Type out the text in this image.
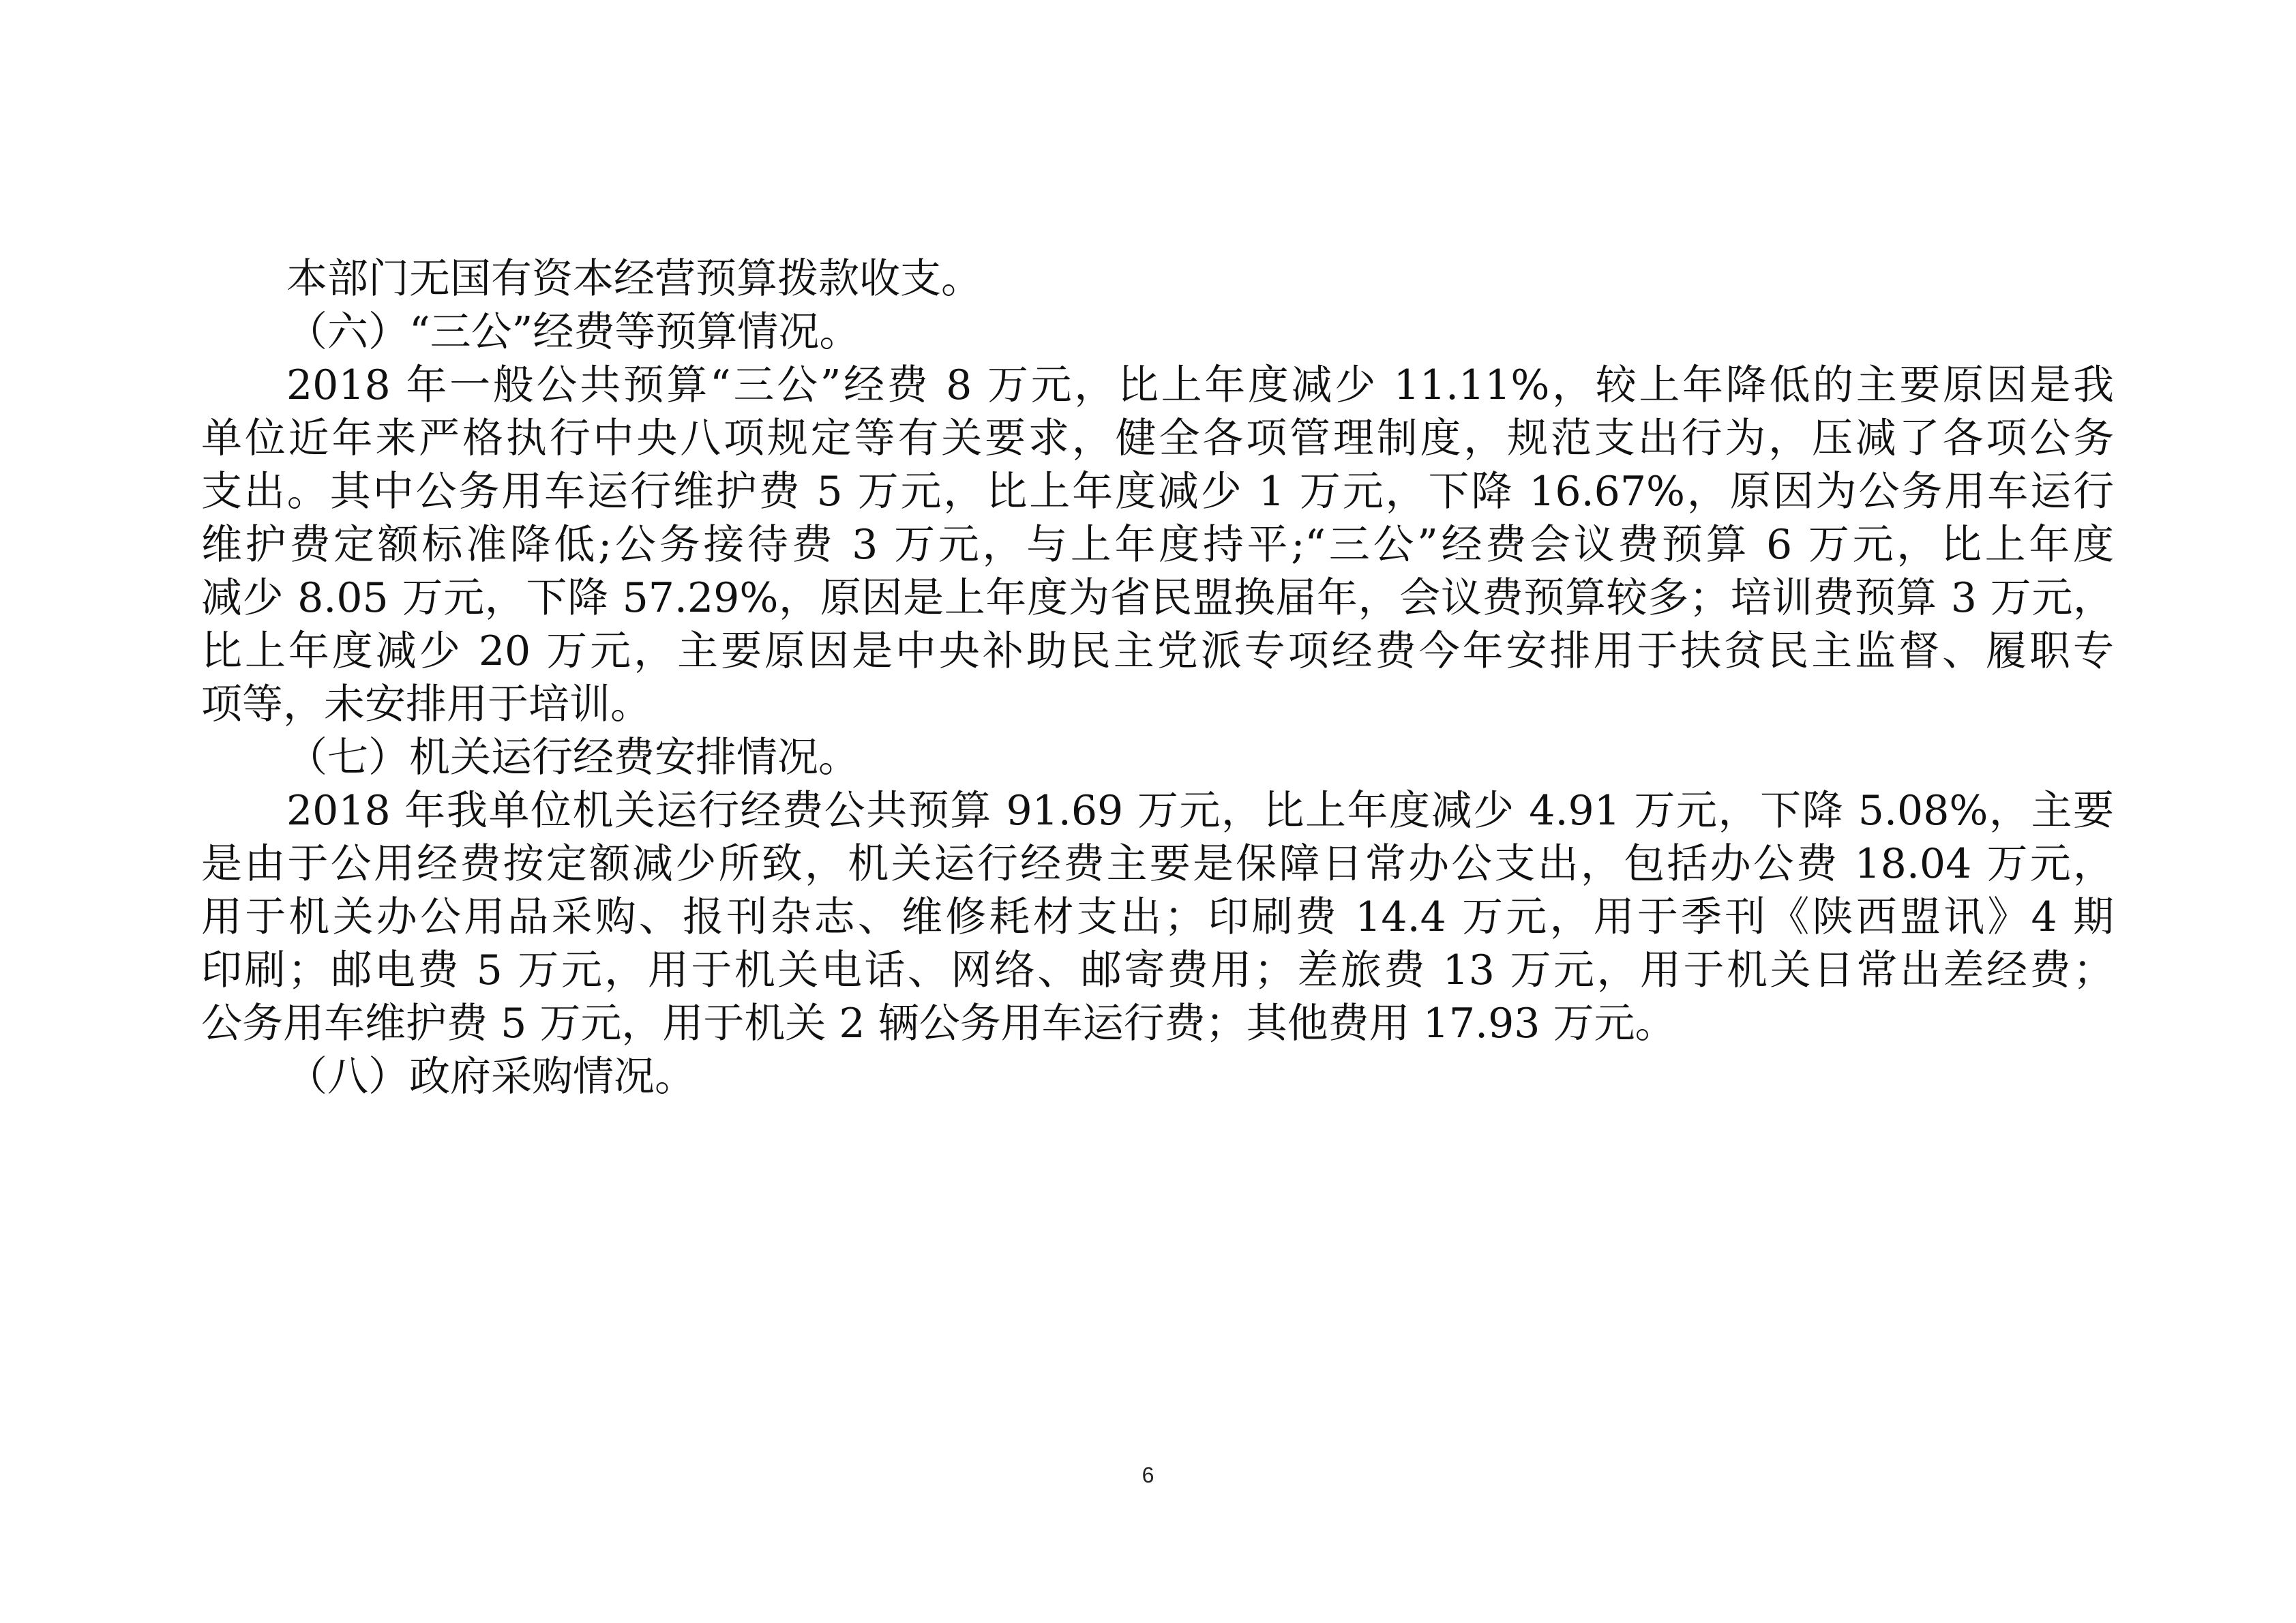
本部门无国有资本经营预算拨款收支。
（六）“三公”经费等预算情况。
2018 年一般公共预算“三公”经费 8 万元，比上年度减少 11.11%，较上年降低的主要原因是我
单位近年来严格执行中央八项规定等有关要求，健全各项管理制度，规范支出行为，压减了各项公务
支出。其中公务用车运行维护费 5 万元，比上年度减少 1 万元，下降 16.67%，原因为公务用车运行
维护费定额标准降低;公务接待费 3 万元，与上年度持平;“三公”经费会议费预算 6 万元，比上年度
减少 8.05 万元，下降 57.29%，原因是上年度为省民盟换届年，会议费预算较多；培训费预算 3 万元，
比上年度减少 20 万元，主要原因是中央补助民主党派专项经费今年安排用于扶贫民主监督、履职专
项等，未安排用于培训。
（七）机关运行经费安排情况。
2018 年我单位机关运行经费公共预算 91.69 万元，比上年度减少 4.91 万元，下降 5.08%，主要
是由于公用经费按定额减少所致，机关运行经费主要是保障日常办公支出，包括办公费 18.04 万元，
用于机关办公用品采购、报刊杂志、维修耗材支出；印刷费 14.4 万元，用于季刊《陕西盟讯》4 期
印刷；邮电费 5 万元，用于机关电话、网络、邮寄费用；差旅费 13 万元，用于机关日常出差经费；
公务用车维护费 5 万元，用于机关 2 辆公务用车运行费；其他费用 17.93 万元。
（八）政府采购情况。
6
